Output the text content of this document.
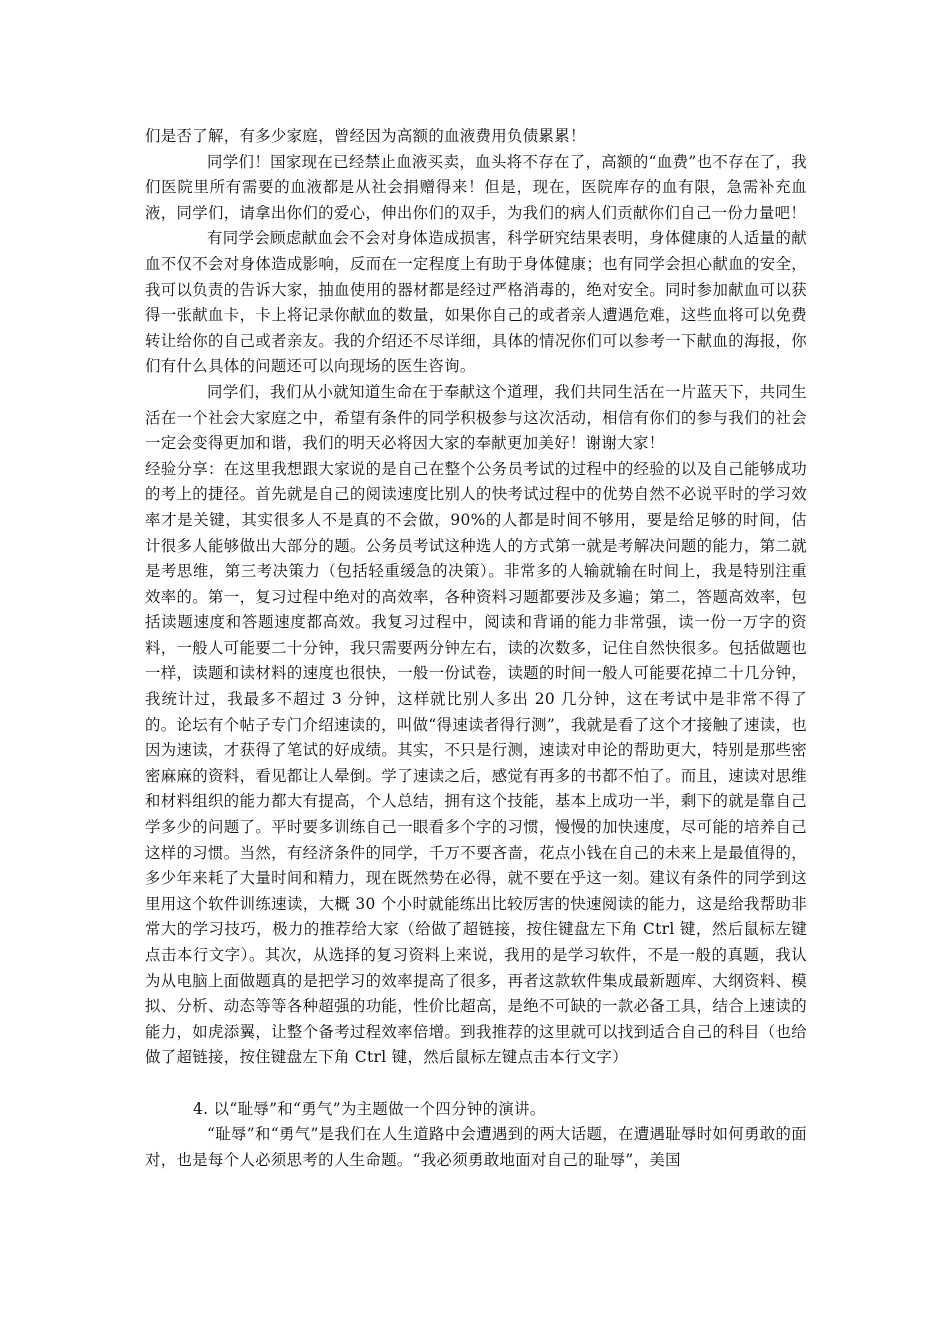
们是否了解，有多少家庭，曾经因为高额的血液费用负债累累！

同学们！国家现在已经禁止血液买卖，血头将不存在了，高额的“血费”也不存在了，我们医院里所有需要的血液都是从社会捐赠得来！但是，现在，医院库存的血有限，急需补充血液，同学们，请拿出你们的爱心，伸出你们的双手，为我们的病人们贡献你们自己一份力量吧！

有同学会顾虑献血会不会对身体造成损害，科学研究结果表明，身体健康的人适量的献血不仅不会对身体造成影响，反而在一定程度上有助于身体健康；也有同学会担心献血的安全，我可以负责的告诉大家，抽血使用的器材都是经过严格消毒的，绝对安全。同时参加献血可以获得一张献血卡，卡上将记录你献血的数量，如果你自己的或者亲人遭遇危难，这些血将可以免费转让给你的自己或者亲友。我的介绍还不尽详细，具体的情况你们可以参考一下献血的海报，你们有什么具体的问题还可以向现场的医生咨询。

同学们，我们从小就知道生命在于奉献这个道理，我们共同生活在一片蓝天下，共同生活在一个社会大家庭之中，希望有条件的同学积极参与这次活动，相信有你们的参与我们的社会一定会变得更加和谐，我们的明天必将因大家的奉献更加美好！谢谢大家！

经验分享：在这里我想跟大家说的是自己在整个公务员考试的过程中的经验的以及自己能够成功的考上的捷径。首先就是自己的阅读速度比别人的快考试过程中的优势自然不必说平时的学习效率才是关键，其实很多人不是真的不会做，90%的人都是时间不够用，要是给足够的时间，估计很多人能够做出大部分的题。公务员考试这种选人的方式第一就是考解决问题的能力，第二就是考思维，第三考决策力（包括轻重缓急的决策）。非常多的人输就输在时间上，我是特别注重效率的。第一，复习过程中绝对的高效率，各种资料习题都要涉及多遍；第二，答题高效率，包括读题速度和答题速度都高效。我复习过程中，阅读和背诵的能力非常强，读一份一万字的资料，一般人可能要二十分钟，我只需要两分钟左右，读的次数多，记住自然快很多。包括做题也一样，读题和读材料的速度也很快，一般一份试卷，读题的时间一般人可能要花掉二十几分钟，我统计过，我最多不超过 3 分钟，这样就比别人多出 20 几分钟，这在考试中是非常不得了的。论坛有个帖子专门介绍速读的，叫做“得速读者得行测”，我就是看了这个才接触了速读，也因为速读，才获得了笔试的好成绩。其实，不只是行测，速读对申论的帮助更大，特别是那些密密麻麻的资料，看见都让人晕倒。学了速读之后，感觉有再多的书都不怕了。而且，速读对思维和材料组织的能力都大有提高，个人总结，拥有这个技能，基本上成功一半，剩下的就是靠自己学多少的问题了。平时要多训练自己一眼看多个字的习惯，慢慢的加快速度，尽可能的培养自己这样的习惯。当然，有经济条件的同学，千万不要吝啬，花点小钱在自己的未来上是最值得的，多少年来耗了大量时间和精力，现在既然势在必得，就不要在乎这一刻。建议有条件的同学到这里用这个软件训练速读，大概 30 个小时就能练出比较厉害的快速阅读的能力，这是给我帮助非常大的学习技巧，极力的推荐给大家（给做了超链接，按住键盘左下角 Ctrl 键，然后鼠标左键点击本行文字）。其次，从选择的复习资料上来说，我用的是学习软件，不是一般的真题，我认为从电脑上面做题真的是把学习的效率提高了很多，再者这款软件集成最新题库、大纲资料、模拟、分析、动态等等各种超强的功能，性价比超高，是绝不可缺的一款必备工具，结合上速读的能力，如虎添翼，让整个备考过程效率倍增。到我推荐的这里就可以找到适合自己的科目（也给做了超链接，按住键盘左下角 Ctrl 键，然后鼠标左键点击本行文字）

4. 以“耻辱”和“勇气”为主题做一个四分钟的演讲。

“耻辱”和“勇气”是我们在人生道路中会遭遇到的两大话题，在遭遇耻辱时如何勇敢的面对，也是每个人必须思考的人生命题。“我必须勇敢地面对自己的耻辱”，美国
